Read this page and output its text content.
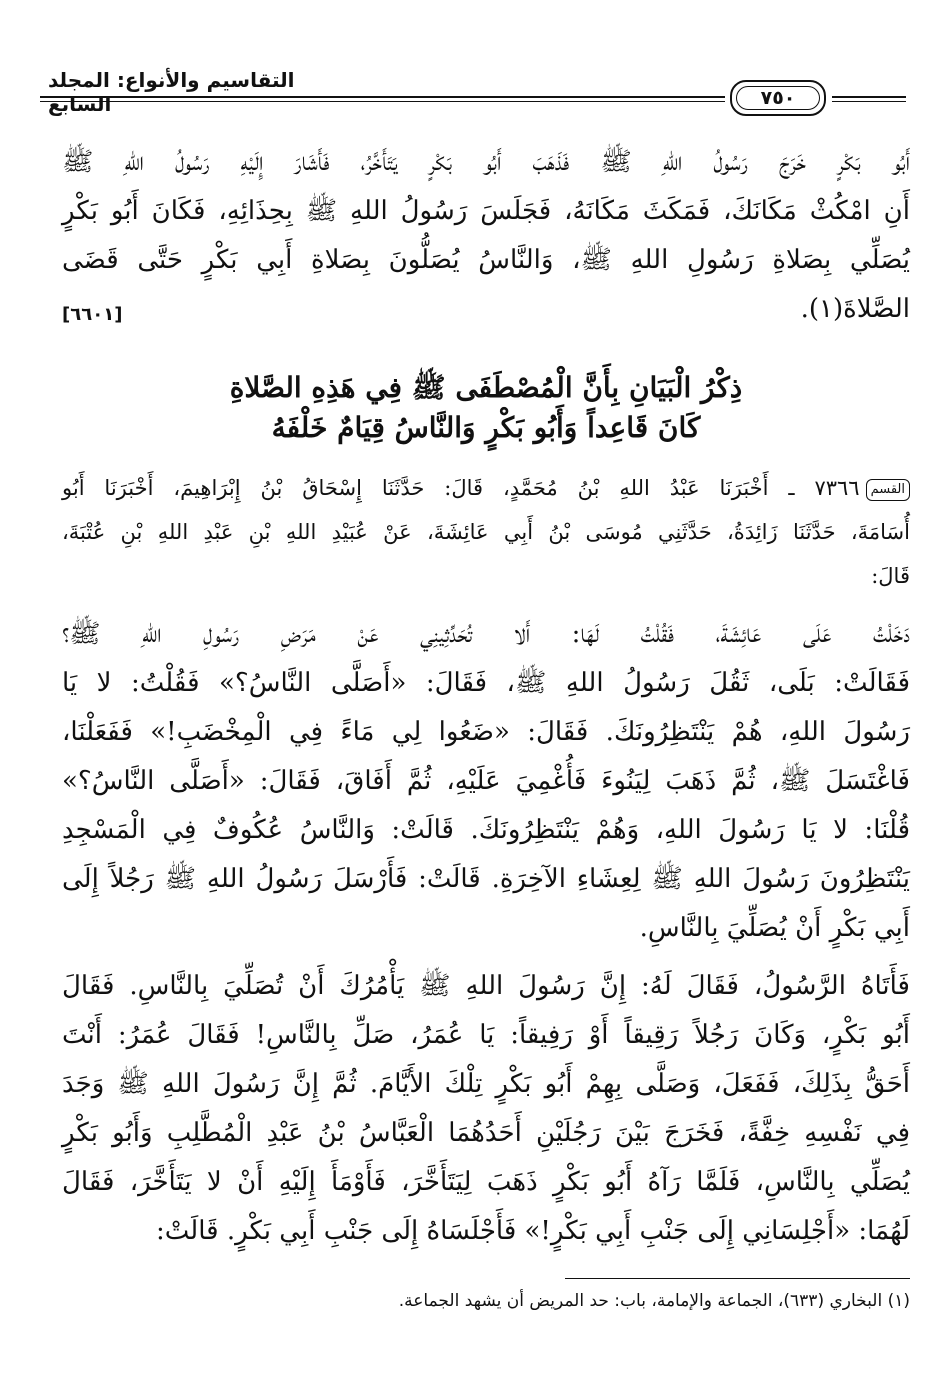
التقاسيم والأنواع: المجلد السابع	٧٥٠
أَبُو بَكْرٍ خَرَجَ رَسُولُ اللهِ ﷺ فَذَهَبَ أَبُو بَكْرٍ يَتَأَخَّرُ، فَأَشَارَ إِلَيْهِ رَسُولُ اللهِ ﷺ
أَنِ امْكُثْ مَكَانَكَ، فَمَكَثَ مَكَانَهُ، فَجَلَسَ رَسُولُ اللهِ ﷺ بِحِذَائِهِ، فَكَانَ أَبُو بَكْرٍ
يُصَلِّي بِصَلاةِ رَسُولِ اللهِ ﷺ، وَالنَّاسُ يُصَلُّونَ بِصَلاةِ أَبِي بَكْرٍ حَتَّى قَضَى
الصَّلاةَ(١).
[٦٦٠١]
ذِكْرُ الْبَيَانِ بِأَنَّ الْمُصْطَفَى ﷺ فِي هَذِهِ الصَّلاةِ
كَانَ قَاعِداً وَأَبُو بَكْرٍ وَالنَّاسُ قِيَامٌ خَلْفَهُ
القسم٧٣٦٦ ـ أَخْبَرَنَا عَبْدُ اللهِ بْنُ مُحَمَّدٍ، قَالَ: حَدَّثَنَا إِسْحَاقُ بْنُ إِبْرَاهِيمَ، أَخْبَرَنَا أَبُو
أُسَامَةَ، حَدَّثَنَا زَائِدَةُ، حَدَّثَنِي مُوسَى بْنُ أَبِي عَائِشَةَ، عَنْ عُبَيْدِ اللهِ بْنِ عَبْدِ اللهِ بْنِ عُتْبَةَ،
قَالَ:
دَخَلْتُ عَلَى عَائِشَةَ، فَقُلْتُ لَهَا: أَلا تُحَدِّثِينِي عَنْ مَرَضِ رَسُولِ اللهِ ﷺ؟
فَقَالَتْ: بَلَى، ثَقُلَ رَسُولُ اللهِ ﷺ، فَقَالَ: «أَصَلَّى النَّاسُ؟» فَقُلْتُ: لا يَا
رَسُولَ اللهِ، هُمْ يَنْتَظِرُونَكَ. فَقَالَ: «ضَعُوا لِي مَاءً فِي الْمِخْضَبِ!» فَفَعَلْنَا،
فَاغْتَسَلَ ﷺ، ثُمَّ ذَهَبَ لِيَنُوءَ فَأُغْمِيَ عَلَيْهِ، ثُمَّ أَفَاقَ، فَقَالَ: «أَصَلَّى النَّاسُ؟»
قُلْنَا: لا يَا رَسُولَ اللهِ، وَهُمْ يَنْتَظِرُونَكَ. قَالَتْ: وَالنَّاسُ عُكُوفٌ فِي الْمَسْجِدِ
يَنْتَظِرُونَ رَسُولَ اللهِ ﷺ لِعِشَاءِ الآخِرَةِ. قَالَتْ: فَأَرْسَلَ رَسُولُ اللهِ ﷺ رَجُلاً إِلَى
أَبِي بَكْرٍ أَنْ يُصَلِّيَ بِالنَّاسِ.
فَأَتَاهُ الرَّسُولُ، فَقَالَ لَهُ: إِنَّ رَسُولَ اللهِ ﷺ يَأْمُرُكَ أَنْ تُصَلِّيَ بِالنَّاسِ. فَقَالَ
أَبُو بَكْرٍ، وَكَانَ رَجُلاً رَقِيقاً أَوْ رَفِيقاً: يَا عُمَرُ، صَلِّ بِالنَّاسِ! فَقَالَ عُمَرُ: أَنْتَ
أَحَقُّ بِذَلِكَ، فَفَعَلَ، وَصَلَّى بِهِمْ أَبُو بَكْرٍ تِلْكَ الأَيَّامَ. ثُمَّ إِنَّ رَسُولَ اللهِ ﷺ وَجَدَ
فِي نَفْسِهِ خِفَّةً، فَخَرَجَ بَيْنَ رَجُلَيْنِ أَحَدُهُمَا الْعَبَّاسُ بْنُ عَبْدِ الْمُطَّلِبِ وَأَبُو بَكْرٍ
يُصَلِّي بِالنَّاسِ، فَلَمَّا رَآهُ أَبُو بَكْرٍ ذَهَبَ لِيَتَأَخَّرَ، فَأَوْمَأَ إِلَيْهِ أَنْ لا يَتَأَخَّرَ، فَقَالَ
لَهُمَا: «أَجْلِسَانِي إِلَى جَنْبِ أَبِي بَكْرٍ!» فَأَجْلَسَاهُ إِلَى جَنْبِ أَبِي بَكْرٍ. قَالَتْ:
(١) البخاري (٦٣٣)، الجماعة والإمامة، باب: حد المريض أن يشهد الجماعة.
